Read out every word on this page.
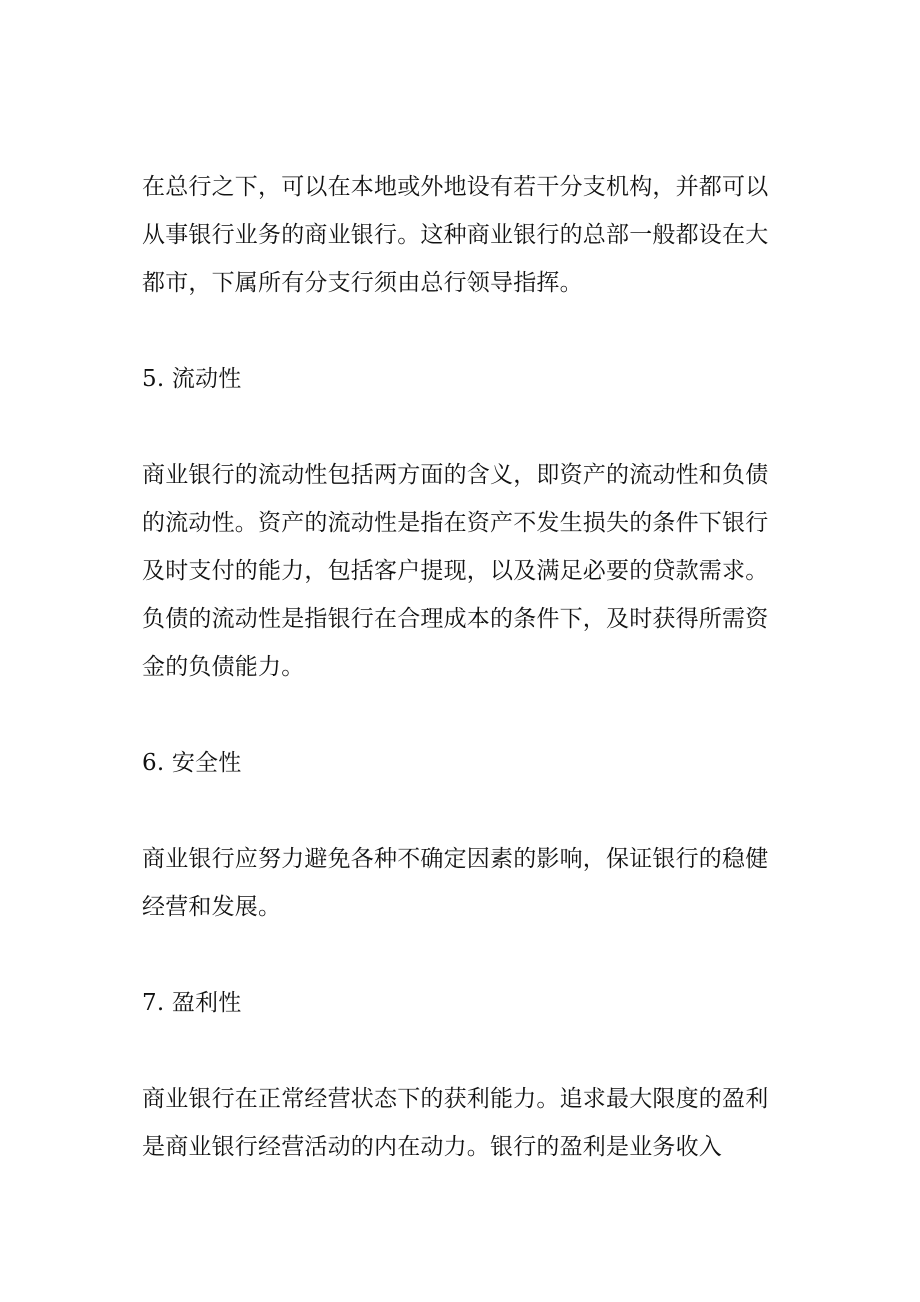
在总行之下，可以在本地或外地设有若干分支机构，并都可以从事银行业务的商业银行。这种商业银行的总部一般都设在大都市，下属所有分支行须由总行领导指挥。

5. 流动性

商业银行的流动性包括两方面的含义，即资产的流动性和负债的流动性。资产的流动性是指在资产不发生损失的条件下银行及时支付的能力，包括客户提现，以及满足必要的贷款需求。负债的流动性是指银行在合理成本的条件下，及时获得所需资金的负债能力。

6. 安全性

商业银行应努力避免各种不确定因素的影响，保证银行的稳健经营和发展。

7. 盈利性

商业银行在正常经营状态下的获利能力。追求最大限度的盈利是商业银行经营活动的内在动力。银行的盈利是业务收入
